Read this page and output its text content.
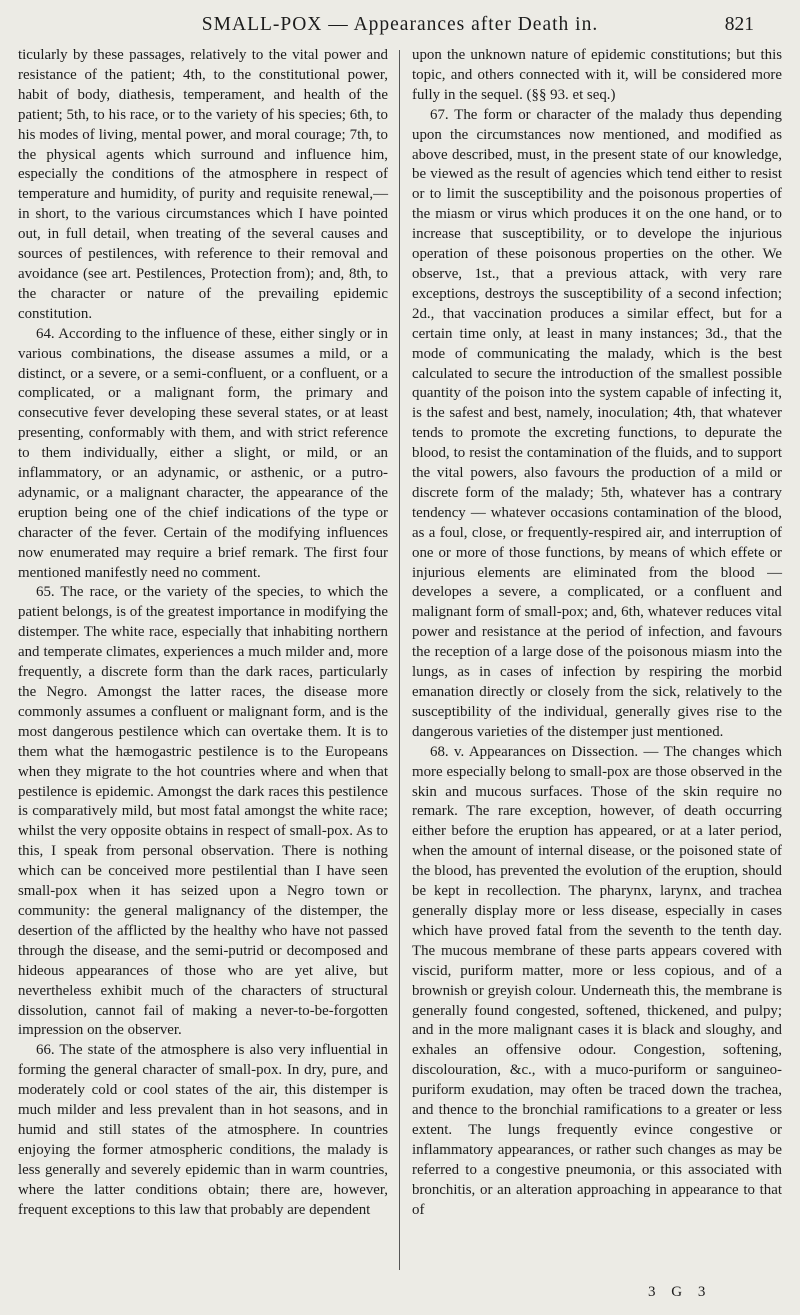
SMALL-POX — Appearances after Death in.	821

ticularly by these passages, relatively to the vital power and resistance of the patient; 4th, to the constitutional power, habit of body, diathesis, temperament, and health of the patient; 5th, to his race, or to the variety of his species; 6th, to his modes of living, mental power, and moral courage; 7th, to the physical agents which surround and influence him, especially the conditions of the atmosphere in respect of temperature and humidity, of purity and requisite renewal,—in short, to the various circumstances which I have pointed out, in full detail, when treating of the several causes and sources of pestilences, with reference to their removal and avoidance (see art. Pestilences, Protection from); and, 8th, to the character or nature of the prevailing epidemic constitution.

64. According to the influence of these, either singly or in various combinations, the disease assumes a mild, or a distinct, or a severe, or a semi-confluent, or a confluent, or a complicated, or a malignant form, the primary and consecutive fever developing these several states, or at least presenting, conformably with them, and with strict reference to them individually, either a slight, or mild, or an inflammatory, or an adynamic, or asthenic, or a putro-adynamic, or a malignant character, the appearance of the eruption being one of the chief indications of the type or character of the fever. Certain of the modifying influences now enumerated may require a brief remark. The first four mentioned manifestly need no comment.

65. The race, or the variety of the species, to which the patient belongs, is of the greatest importance in modifying the distemper. The white race, especially that inhabiting northern and temperate climates, experiences a much milder and, more frequently, a discrete form than the dark races, particularly the Negro. Amongst the latter races, the disease more commonly assumes a confluent or malignant form, and is the most dangerous pestilence which can overtake them. It is to them what the hæmogastric pestilence is to the Europeans when they migrate to the hot countries where and when that pestilence is epidemic. Amongst the dark races this pestilence is comparatively mild, but most fatal amongst the white race; whilst the very opposite obtains in respect of small-pox. As to this, I speak from personal observation. There is nothing which can be conceived more pestilential than I have seen small-pox when it has seized upon a Negro town or community: the general malignancy of the distemper, the desertion of the afflicted by the healthy who have not passed through the disease, and the semi-putrid or decomposed and hideous appearances of those who are yet alive, but nevertheless exhibit much of the characters of structural dissolution, cannot fail of making a never-to-be-forgotten impression on the observer.

66. The state of the atmosphere is also very influential in forming the general character of small-pox. In dry, pure, and moderately cold or cool states of the air, this distemper is much milder and less prevalent than in hot seasons, and in humid and still states of the atmosphere. In countries enjoying the former atmospheric conditions, the malady is less generally and severely epidemic than in warm countries, where the latter conditions obtain; there are, however, frequent exceptions to this law that probably are dependent

upon the unknown nature of epidemic constitutions; but this topic, and others connected with it, will be considered more fully in the sequel. (§§ 93. et seq.)

67. The form or character of the malady thus depending upon the circumstances now mentioned, and modified as above described, must, in the present state of our knowledge, be viewed as the result of agencies which tend either to resist or to limit the susceptibility and the poisonous properties of the miasm or virus which produces it on the one hand, or to increase that susceptibility, or to develope the injurious operation of these poisonous properties on the other. We observe, 1st., that a previous attack, with very rare exceptions, destroys the susceptibility of a second infection; 2d., that vaccination produces a similar effect, but for a certain time only, at least in many instances; 3d., that the mode of communicating the malady, which is the best calculated to secure the introduction of the smallest possible quantity of the poison into the system capable of infecting it, is the safest and best, namely, inoculation; 4th, that whatever tends to promote the excreting functions, to depurate the blood, to resist the contamination of the fluids, and to support the vital powers, also favours the production of a mild or discrete form of the malady; 5th, whatever has a contrary tendency — whatever occasions contamination of the blood, as a foul, close, or frequently-respired air, and interruption of one or more of those functions, by means of which effete or injurious elements are eliminated from the blood — developes a severe, a complicated, or a confluent and malignant form of small-pox; and, 6th, whatever reduces vital power and resistance at the period of infection, and favours the reception of a large dose of the poisonous miasm into the lungs, as in cases of infection by respiring the morbid emanation directly or closely from the sick, relatively to the susceptibility of the individual, generally gives rise to the dangerous varieties of the distemper just mentioned.

68. v. Appearances on Dissection. — The changes which more especially belong to small-pox are those observed in the skin and mucous surfaces. Those of the skin require no remark. The rare exception, however, of death occurring either before the eruption has appeared, or at a later period, when the amount of internal disease, or the poisoned state of the blood, has prevented the evolution of the eruption, should be kept in recollection. The pharynx, larynx, and trachea generally display more or less disease, especially in cases which have proved fatal from the seventh to the tenth day. The mucous membrane of these parts appears covered with viscid, puriform matter, more or less copious, and of a brownish or greyish colour. Underneath this, the membrane is generally found congested, softened, thickened, and pulpy; and in the more malignant cases it is black and sloughy, and exhales an offensive odour. Congestion, softening, discolouration, &c., with a muco-puriform or sanguineo-puriform exudation, may often be traced down the trachea, and thence to the bronchial ramifications to a greater or less extent. The lungs frequently evince congestive or inflammatory appearances, or rather such changes as may be referred to a congestive pneumonia, or this associated with bronchitis, or an alteration approaching in appearance to that of

3 G 3
